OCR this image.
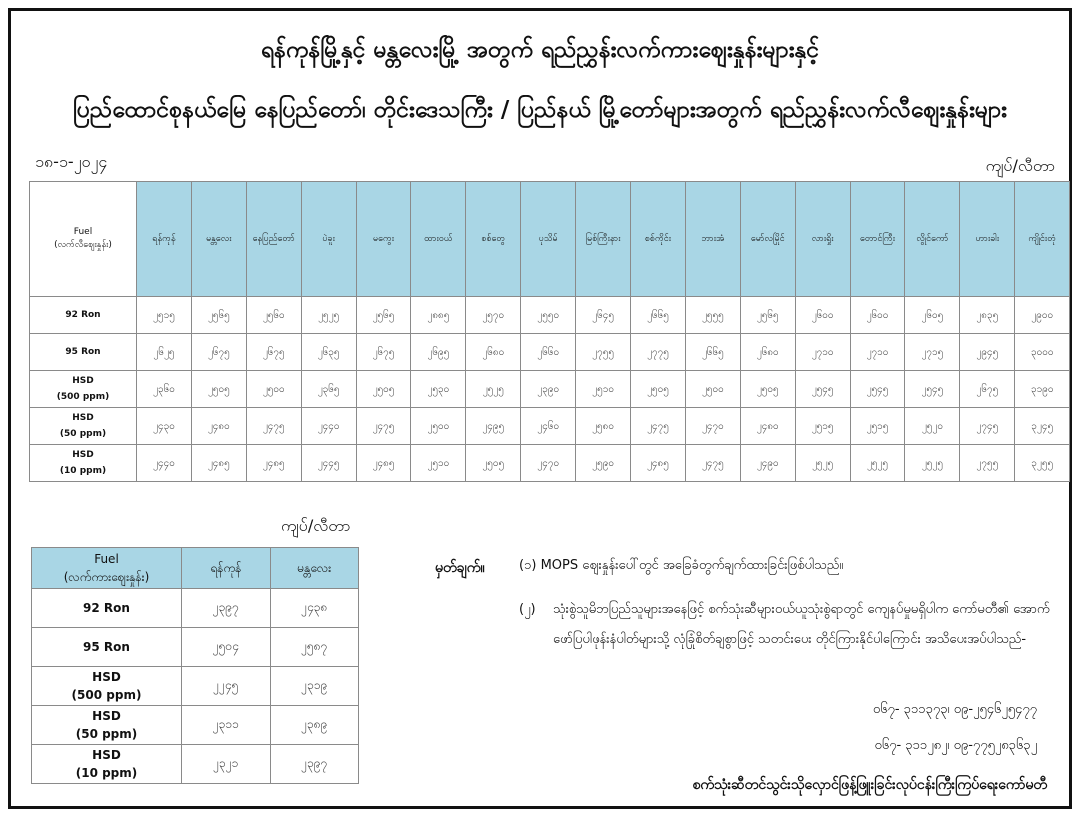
ရန်ကုန်မြို့နှင့် မန္တလေးမြို့ အတွက် ရည်ညွှန်းလက်ကားဈေးနှုန်းများနှင့်
ပြည်ထောင်စုနယ်မြေ နေပြည်တော်၊ တိုင်းဒေသကြီး / ပြည်နယ် မြို့တော်များအတွက် ရည်ညွှန်းလက်လီဈေးနှုန်းများ
၁၈-၁-၂၀၂၄	ကျပ်/လီတာ
Fuel
(လက်လီဈေးနှုန်း)	ရန်ကုန်	မန္တလေး	နေပြည်တော်	ပဲခူး	မကွေး	ထားဝယ်	စစ်တွေ	ပုသိမ်	မြစ်ကြီးနား	စစ်ကိုင်း	ဘားအံ	မော်လမြိုင်	လားရှိုး	တောင်ကြီး	လွိုင်ကော်	ဟားခါး	ကျိုင်းတုံ
92 Ron	၂၅၁၅	၂၅၆၅	၂၅၆၀	၂၅၂၅	၂၅၆၅	၂၈၈၅	၂၅၇၀	၂၅၅၀	၂၆၄၅	၂၆၆၅	၂၅၅၅	၂၅၆၅	၂၆၀၀	၂၆၀၀	၂၆၀၅	၂၈၃၅	၂၉၀၀
95 Ron	၂၆၂၅	၂၆၇၅	၂၆၇၅	၂၆၃၅	၂၆၇၅	၂၆၉၅	၂၆၈၀	၂၆၆၀	၂၇၅၅	၂၇၇၅	၂၆၆၅	၂၆၈၀	၂၇၁၀	၂၇၁၀	၂၇၁၅	၂၉၄၅	၃၀၀၀
HSD
(500 ppm)	၂၃၆၀	၂၅၀၅	၂၅၀၀	၂၃၆၅	၂၅၀၅	၂၅၃၀	၂၅၂၅	၂၃၉၀	၂၅၁၀	၂၅၀၅	၂၅၀၀	၂၅၀၅	၂၅၄၅	၂၅၄၅	၂၅၄၅	၂၆၇၅	၃၁၉၀
HSD
(50 ppm)	၂၄၃၀	၂၄၈၀	၂၄၇၅	၂၄၄၀	၂၄၇၅	၂၅၀၀	၂၄၉၅	၂၄၆၀	၂၅၈၀	၂၄၇၅	၂၄၇၀	၂၄၈၀	၂၅၁၅	၂၅၁၅	၂၅၂၀	၂၇၄၅	၃၂၄၅
HSD
(10 ppm)	၂၄၄၀	၂၄၈၅	၂၄၈၅	၂၄၄၅	၂၄၈၅	၂၅၁၀	၂၅၀၅	၂၄၇၀	၂၅၉၀	၂၄၈၅	၂၄၇၅	၂၄၉၀	၂၅၂၅	၂၅၂၅	၂၅၂၅	၂၇၅၅	၃၂၅၅
ကျပ်/လီတာ
Fuel
(လက်ကားဈေးနှုန်း)	ရန်ကုန်	မန္တလေး
92 Ron	၂၃၉၇	၂၄၃၈
95 Ron	၂၅၀၄	၂၅၈၇
HSD
(500 ppm)	၂၂၄၅	၂၃၁၉
HSD
(50 ppm)	၂၃၁၁	၂၃၈၉
HSD
(10 ppm)	၂၃၂၁	၂၃၉၇
မှတ်ချက်။	(၁) MOPS ဈေးနှုန်းပေါ်တွင် အခြေခံတွက်ချက်ထားခြင်းဖြစ်ပါသည်။
(၂) သုံးစွဲသူမိဘပြည်သူများအနေဖြင့် စက်သုံးဆီများဝယ်ယူသုံးစွဲရာတွင် ကျေနပ်မှုမရှိပါက ကော်မတီ၏ အောက်ဖော်ပြပါဖုန်းနံပါတ်များသို့ လုံခြုံစိတ်ချစွာဖြင့် သတင်းပေး တိုင်ကြားနိုင်ပါကြောင်း အသိပေးအပ်ပါသည်-
၀၆၇- ၃၁၁၃၇၃၊ ၀၉-၂၅၄၆၂၅၄၇၇
၀၆၇- ၃၁၁၂၈၂၊ ၀၉-၇၇၅၂၈၃၆၃၂
စက်သုံးဆီတင်သွင်းသိုလှောင်ဖြန့်ဖြူးခြင်းလုပ်ငန်းကြီးကြပ်ရေးကော်မတီ
